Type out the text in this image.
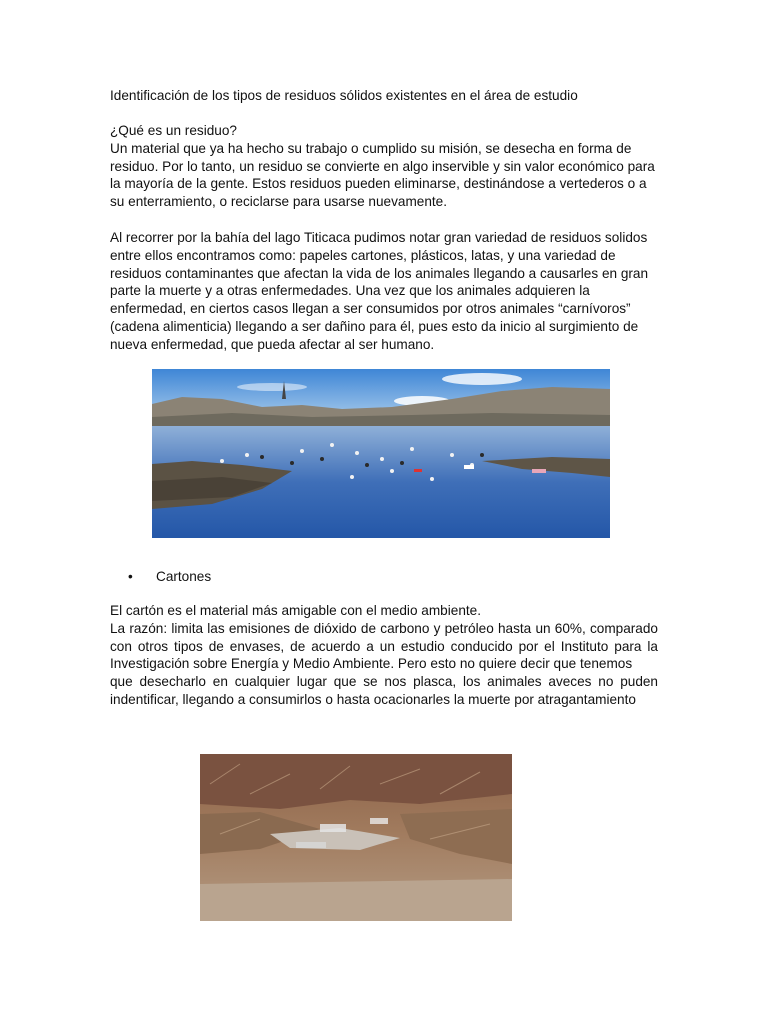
Identificación de los tipos de residuos sólidos existentes en el área de estudio

¿Qué es un residuo?

Un material que ya ha hecho su trabajo o cumplido su misión, se desecha en forma de residuo. Por lo tanto, un residuo se convierte en algo inservible y sin valor económico para la mayoría de la gente. Estos residuos pueden eliminarse, destinándose a vertederos o a su enterramiento, o reciclarse para usarse nuevamente.

Al recorrer por la bahía del lago Titicaca pudimos notar gran variedad de residuos solidos entre ellos encontramos como: papeles cartones, plásticos, latas, y una variedad de residuos contaminantes que afectan la vida de los animales llegando a causarles en gran parte la muerte y a otras enfermedades. Una vez que los animales adquieren la enfermedad, en ciertos casos llegan a ser consumidos por otros animales “carnívoros” (cadena alimenticia) llegando a ser dañino para él, pues esto da inicio al surgimiento de nueva enfermedad, que pueda afectar al ser humano.

• Cartones

El cartón es el material más amigable con el medio ambiente.

La razón: limita las emisiones de dióxido de carbono y petróleo hasta un 60%, comparado con otros tipos de envases, de acuerdo a un estudio conducido por el Instituto para la Investigación sobre Energía y Medio Ambiente. Pero esto no quiere decir que tenemos

que desecharlo en cualquier lugar que se nos plasca, los animales aveces no puden indentificar, llegando a consumirlos o hasta ocacionarles la muerte por atragantamiento
